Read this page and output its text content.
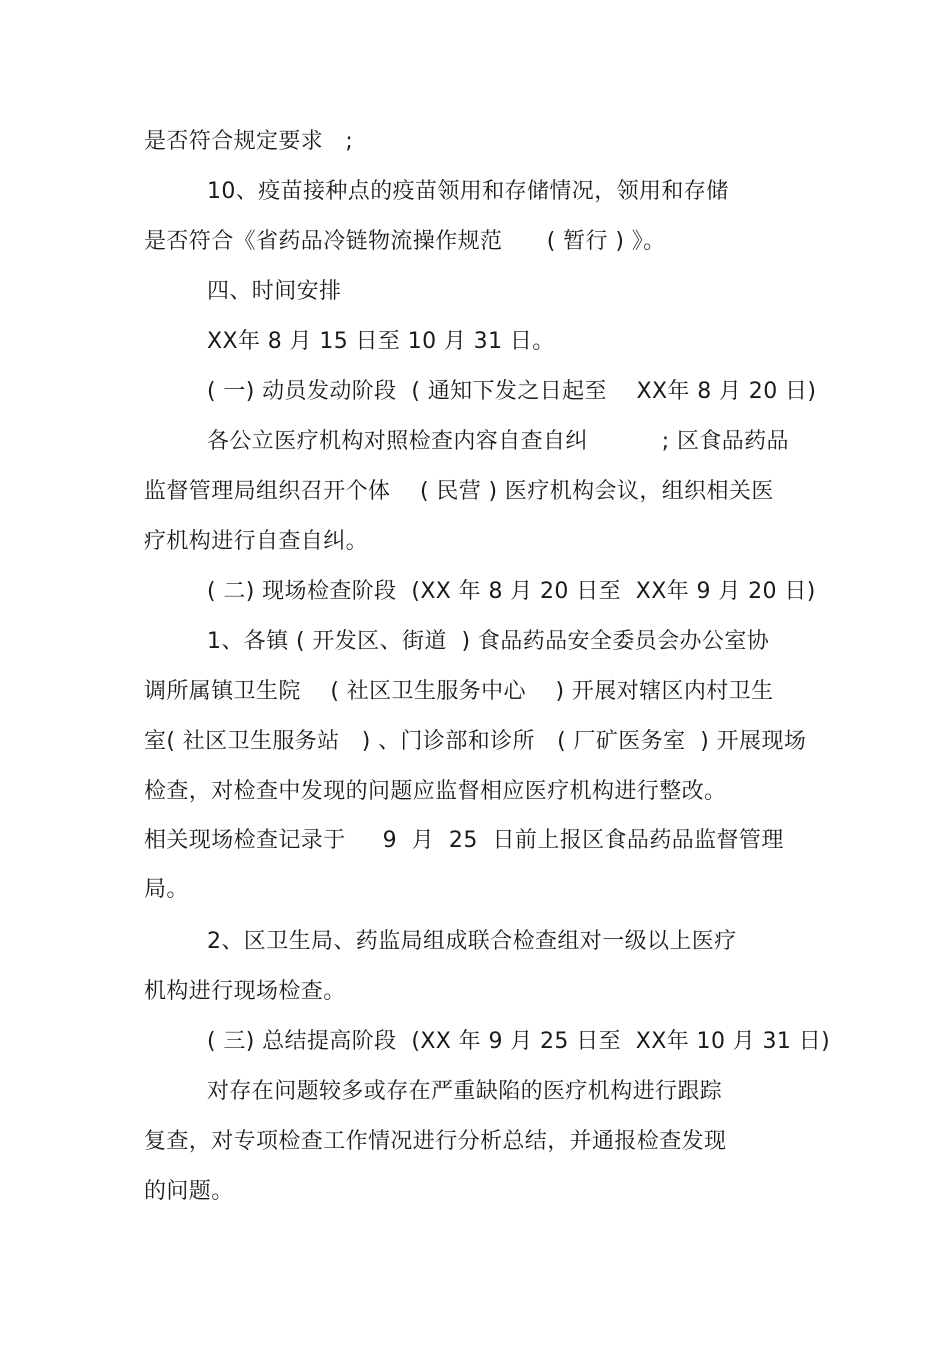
是否符合规定要求   ;
10、疫苗接种点的疫苗领用和存储情况，领用和存储
是否符合《省药品冷链物流操作规范      ( 暂行 ) 》。
四、时间安排
XX年 8 月 15 日至 10 月 31 日。
( 一) 动员发动阶段  ( 通知下发之日起至    XX年 8 月 20 日)
各公立医疗机构对照检查内容自查自纠          ; 区食品药品
监督管理局组织召开个体    ( 民营 ) 医疗机构会议，组织相关医
疗机构进行自查自纠。
( 二) 现场检查阶段  (XX 年 8 月 20 日至  XX年 9 月 20 日)
1、各镇 ( 开发区、街道  ) 食品药品安全委员会办公室协
调所属镇卫生院    ( 社区卫生服务中心    ) 开展对辖区内村卫生
室( 社区卫生服务站   ) 、门诊部和诊所   ( 厂矿医务室  ) 开展现场
检查，对检查中发现的问题应监督相应医疗机构进行整改。
相关现场检查记录于     9  月  25  日前上报区食品药品监督管理
局。
2、区卫生局、药监局组成联合检查组对一级以上医疗
机构进行现场检查。
( 三) 总结提高阶段  (XX 年 9 月 25 日至  XX年 10 月 31 日)
对存在问题较多或存在严重缺陷的医疗机构进行跟踪
复查，对专项检查工作情况进行分析总结，并通报检查发现
的问题。
